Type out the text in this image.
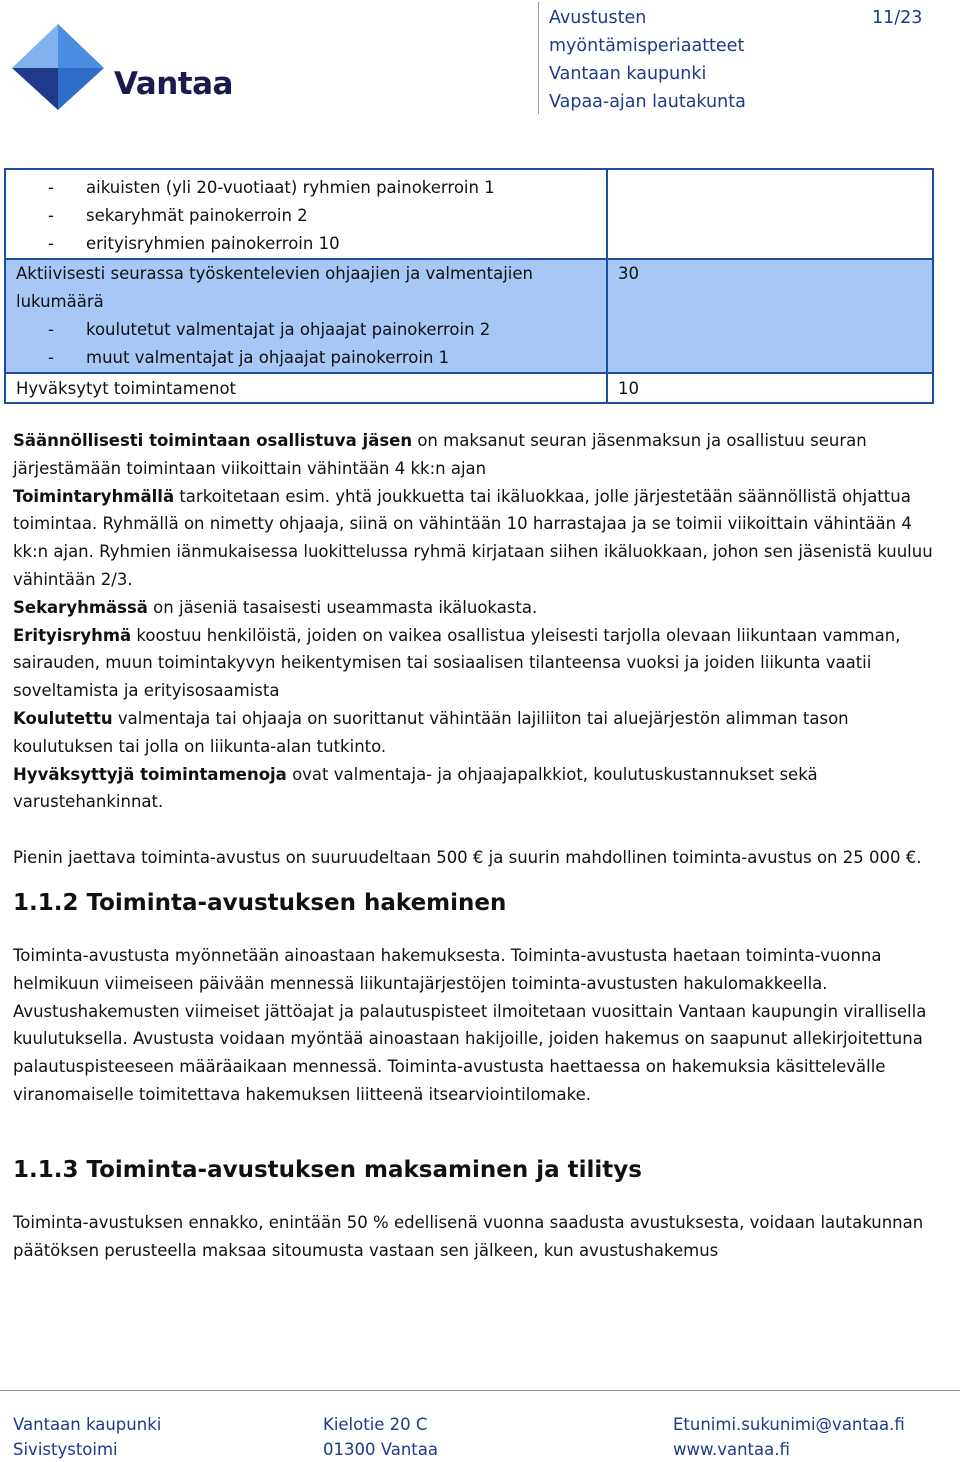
Vantaa
Avustusten
myöntämisperiaatteet
Vantaan kaupunki
Vapaa-ajan lautakunta
11/23
- aikuisten (yli 20-vuotiaat) ryhmien painokerroin 1
- sekaryhmät painokerroin 2
- erityisryhmien painokerroin 10	

Aktiivisesti seurassa työskentelevien ohjaajien ja valmentajien
lukumäärä
- koulutetut valmentajat ja ohjaajat painokerroin 2
- muut valmentajat ja ohjaajat painokerroin 1	30

Hyväksytyt toimintamenot	10

Säännöllisesti toimintaan osallistuva jäsen on maksanut seuran jäsenmaksun ja osallistuu seuran järjestämään toimintaan viikoittain vähintään 4 kk:n ajan

Toimintaryhmällä tarkoitetaan esim. yhtä joukkuetta tai ikäluokkaa, jolle järjestetään säännöllistä ohjattua toimintaa. Ryhmällä on nimetty ohjaaja, siinä on vähintään 10 harrastajaa ja se toimii viikoittain vähintään 4 kk:n ajan. Ryhmien iänmukaisessa luokittelussa ryhmä kirjataan siihen ikäluokkaan, johon sen jäsenistä kuuluu vähintään 2/3.

Sekaryhmässä on jäseniä tasaisesti useammasta ikäluokasta.

Erityisryhmä koostuu henkilöistä, joiden on vaikea osallistua yleisesti tarjolla olevaan liikuntaan vamman, sairauden, muun toimintakyvyn heikentymisen tai sosiaalisen tilanteensa vuoksi ja joiden liikunta vaatii soveltamista ja erityisosaamista

Koulutettu valmentaja tai ohjaaja on suorittanut vähintään lajiliiton tai aluejärjestön alimman tason koulutuksen tai jolla on liikunta-alan tutkinto.

Hyväksyttyjä toimintamenoja ovat valmentaja- ja ohjaajapalkkiot, koulutuskustannukset sekä varustehankinnat.

Pienin jaettava toiminta-avustus on suuruudeltaan 500 € ja suurin mahdollinen toiminta-avustus on 25 000 €.

1.1.2 Toiminta-avustuksen hakeminen

Toiminta-avustusta myönnetään ainoastaan hakemuksesta. Toiminta-avustusta haetaan toiminta-vuonna helmikuun viimeiseen päivään mennessä liikuntajärjestöjen toiminta-avustusten hakulomakkeella. Avustushakemusten viimeiset jättöajat ja palautuspisteet ilmoitetaan vuosittain Vantaan kaupungin virallisella kuulutuksella. Avustusta voidaan myöntää ainoastaan hakijoille, joiden hakemus on saapunut allekirjoitettuna palautuspisteeseen määräaikaan mennessä. Toiminta-avustusta haettaessa on hakemuksia käsittelevälle viranomaiselle toimitettava hakemuksen liitteenä itsearviointilomake.

1.1.3 Toiminta-avustuksen maksaminen ja tilitys

Toiminta-avustuksen ennakko, enintään 50 % edellisenä vuonna saadusta avustuksesta, voidaan lautakunnan päätöksen perusteella maksaa sitoumusta vastaan sen jälkeen, kun avustushakemus

Vantaan kaupunki
Sivistystoimi
Kielotie 20 C
01300 Vantaa
Etunimi.sukunimi@vantaa.fi
www.vantaa.fi
